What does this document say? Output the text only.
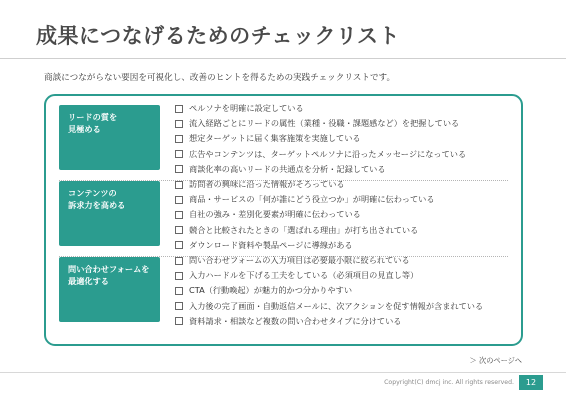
成果につなげるためのチェックリスト
商談につながらない要因を可視化し、改善のヒントを得るための実践チェックリストです。
リードの質を
見極める
ペルソナを明確に設定している
流入経路ごとにリードの属性（業種・役職・課題感など）を把握している
想定ターゲットに届く集客施策を実施している
広告やコンテンツは、ターゲットペルソナに沿ったメッセージになっている
商談化率の高いリードの共通点を分析・記録している
コンテンツの
訴求力を高める
訪問者の興味に沿った情報がそろっている
商品・サービスの「何が誰にどう役立つか」が明確に伝わっている
自社の強み・差別化要素が明確に伝わっている
競合と比較されたときの「選ばれる理由」が打ち出されている
ダウンロード資料や製品ページに導線がある
問い合わせフォームを
最適化する
問い合わせフォームの入力項目は必要最小限に絞られている
入力ハードルを下げる工夫をしている（必須項目の見直し等）
CTA（行動喚起）が魅力的かつ分かりやすい
入力後の完了画面・自動返信メールに、次アクションを促す情報が含まれている
資料請求・相談など複数の問い合わせタイプに分けている
＞ 次のページへ
Copyright(C) dmcj inc. All rights reserved.	12
